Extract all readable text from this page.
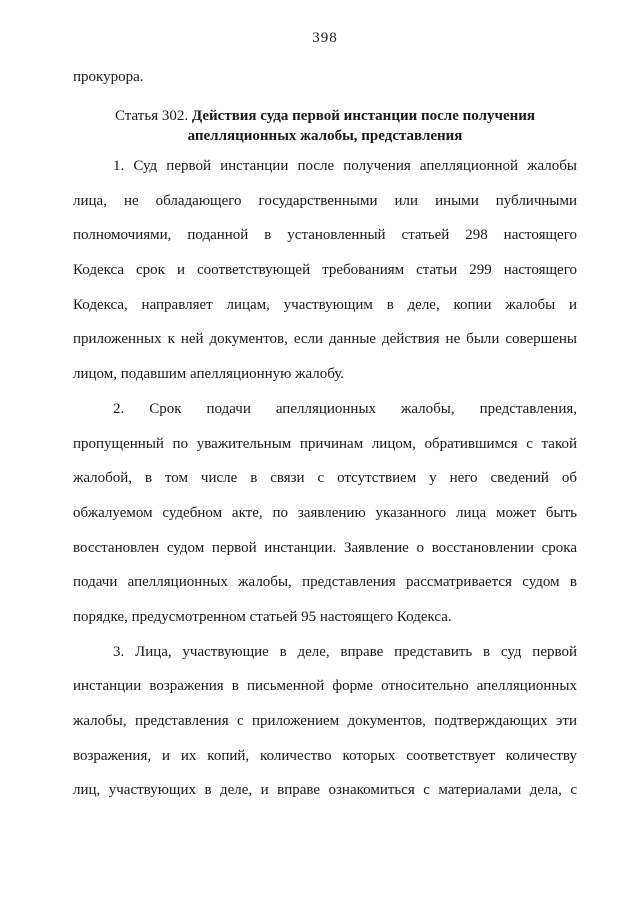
398
прокурора.
Статья 302. Действия суда первой инстанции после получения
апелляционных жалобы, представления
1. Суд первой инстанции после получения апелляционной жалобы
лица, не обладающего государственными или иными публичными
полномочиями, поданной в установленный статьей 298 настоящего
Кодекса срок и соответствующей требованиям статьи 299 настоящего
Кодекса, направляет лицам, участвующим в деле, копии жалобы и
приложенных к ней документов, если данные действия не были совершены
лицом, подавшим апелляционную жалобу.
2. Срок подачи апелляционных жалобы, представления,
пропущенный по уважительным причинам лицом, обратившимся с такой
жалобой, в том числе в связи с отсутствием у него сведений об
обжалуемом судебном акте, по заявлению указанного лица может быть
восстановлен судом первой инстанции. Заявление о восстановлении срока
подачи апелляционных жалобы, представления рассматривается судом в
порядке, предусмотренном статьей 95 настоящего Кодекса.
3. Лица, участвующие в деле, вправе представить в суд первой
инстанции возражения в письменной форме относительно апелляционных
жалобы, представления с приложением документов, подтверждающих эти
возражения, и их копий, количество которых соответствует количеству
лиц, участвующих в деле, и вправе ознакомиться с материалами дела, с
